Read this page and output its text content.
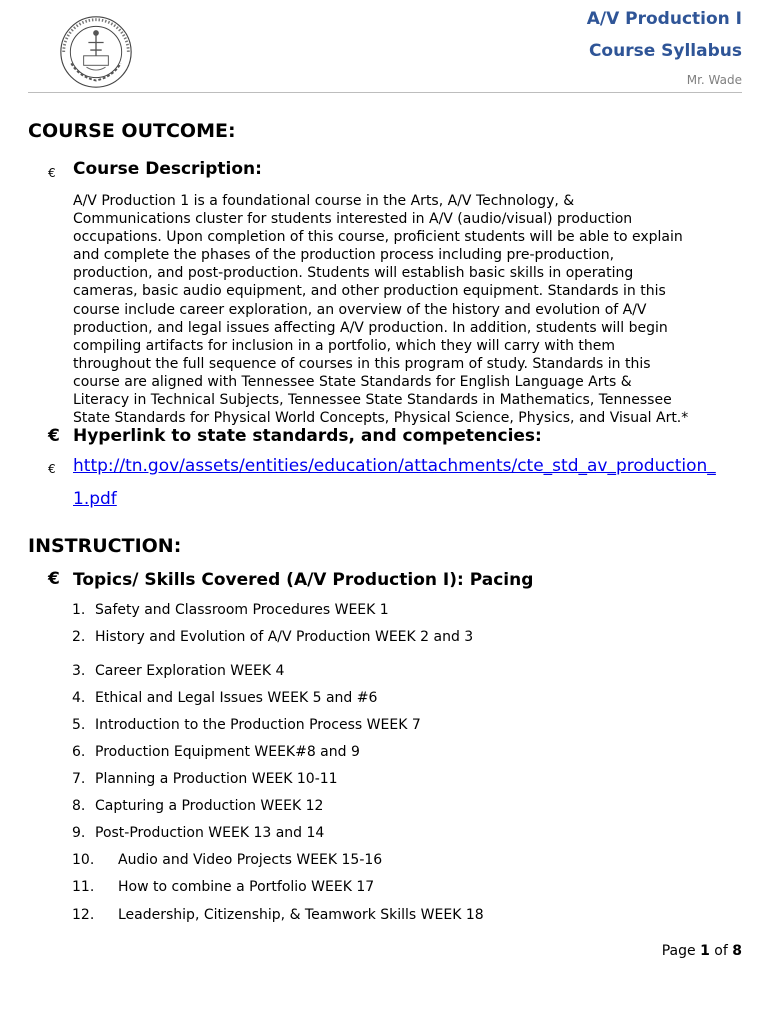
A/V Production I
Course Syllabus
Mr. Wade
COURSE OUTCOME:
€ Course Description:
A/V Production 1 is a foundational course in the Arts, A/V Technology, &
Communications cluster for students interested in A/V (audio/visual) production
occupations. Upon completion of this course, proficient students will be able to explain
and complete the phases of the production process including pre-production,
production, and post-production. Students will establish basic skills in operating
cameras, basic audio equipment, and other production equipment. Standards in this
course include career exploration, an overview of the history and evolution of A/V
production, and legal issues affecting A/V production. In addition, students will begin
compiling artifacts for inclusion in a portfolio, which they will carry with them
throughout the full sequence of courses in this program of study. Standards in this
course are aligned with Tennessee State Standards for English Language Arts &
Literacy in Technical Subjects, Tennessee State Standards in Mathematics, Tennessee
State Standards for Physical World Concepts, Physical Science, Physics, and Visual Art.*
€ Hyperlink to state standards, and competencies:
€ http://tn.gov/assets/entities/education/attachments/cte_std_av_production_
1.pdf
INSTRUCTION:
€ Topics/ Skills Covered (A/V Production I): Pacing
1. Safety and Classroom Procedures WEEK 1
2. History and Evolution of A/V Production WEEK 2 and 3
3. Career Exploration WEEK 4
4. Ethical and Legal Issues WEEK 5 and #6
5. Introduction to the Production Process WEEK 7
6. Production Equipment WEEK#8 and 9
7. Planning a Production WEEK 10-11
8. Capturing a Production WEEK 12
9. Post-Production WEEK 13 and 14
10. Audio and Video Projects WEEK 15-16
11. How to combine a Portfolio WEEK 17
12. Leadership, Citizenship, & Teamwork Skills WEEK 18
Page 1 of 8
